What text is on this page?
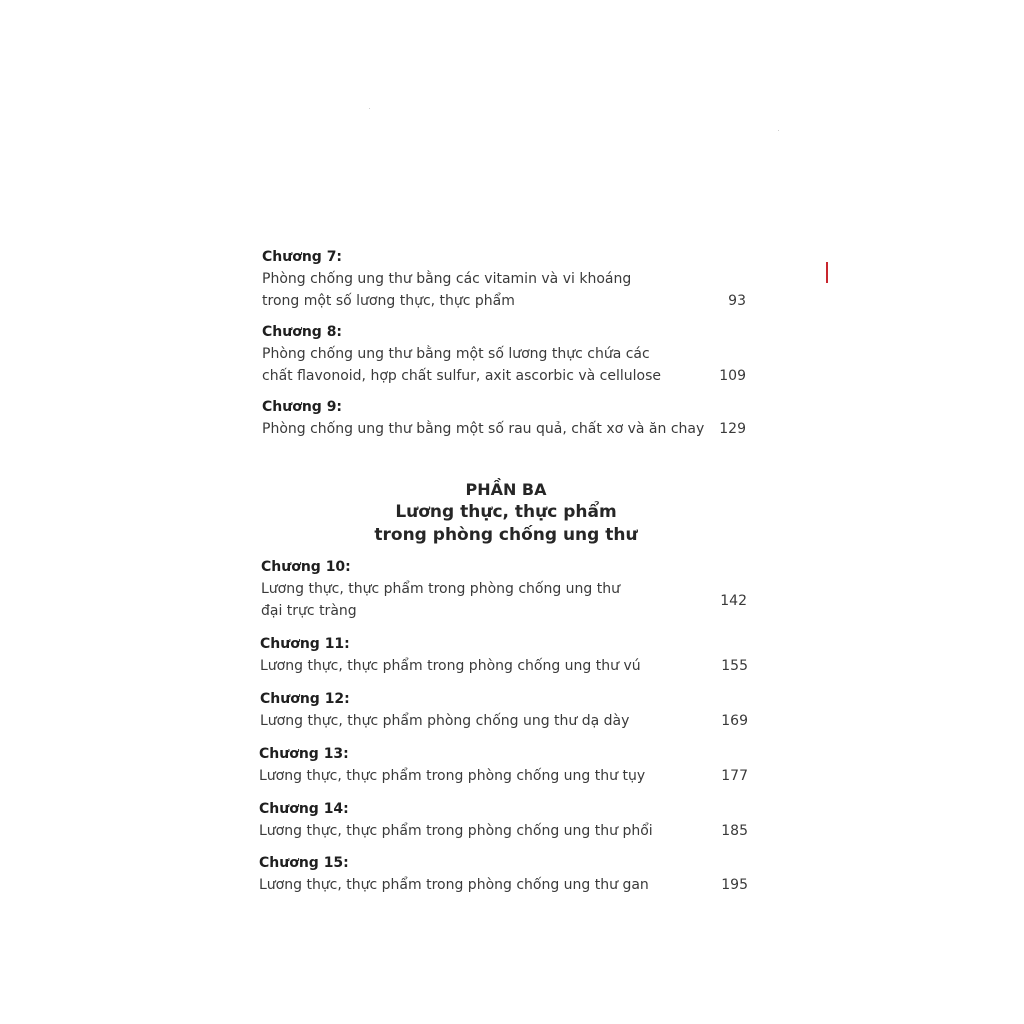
Chương 7:
Phòng chống ung thư bằng các vitamin và vi khoáng
trong một số lương thực, thực phẩm	93
Chương 8:
Phòng chống ung thư bằng một số lương thực chứa các
chất flavonoid, hợp chất sulfur, axit ascorbic và cellulose	109
Chương 9:
Phòng chống ung thư bằng một số rau quả, chất xơ và ăn chay	129
PHẦN BA
Lương thực, thực phẩm
trong phòng chống ung thư
Chương 10:
Lương thực, thực phẩm trong phòng chống ung thư
đại trực tràng
142
Chương 11:
Lương thực, thực phẩm trong phòng chống ung thư vú	155
Chương 12:
Lương thực, thực phẩm phòng chống ung thư dạ dày	169
Chương 13:
Lương thực, thực phẩm trong phòng chống ung thư tụy	177
Chương 14:
Lương thực, thực phẩm trong phòng chống ung thư phổi	185
Chương 15:
Lương thực, thực phẩm trong phòng chống ung thư gan	195
